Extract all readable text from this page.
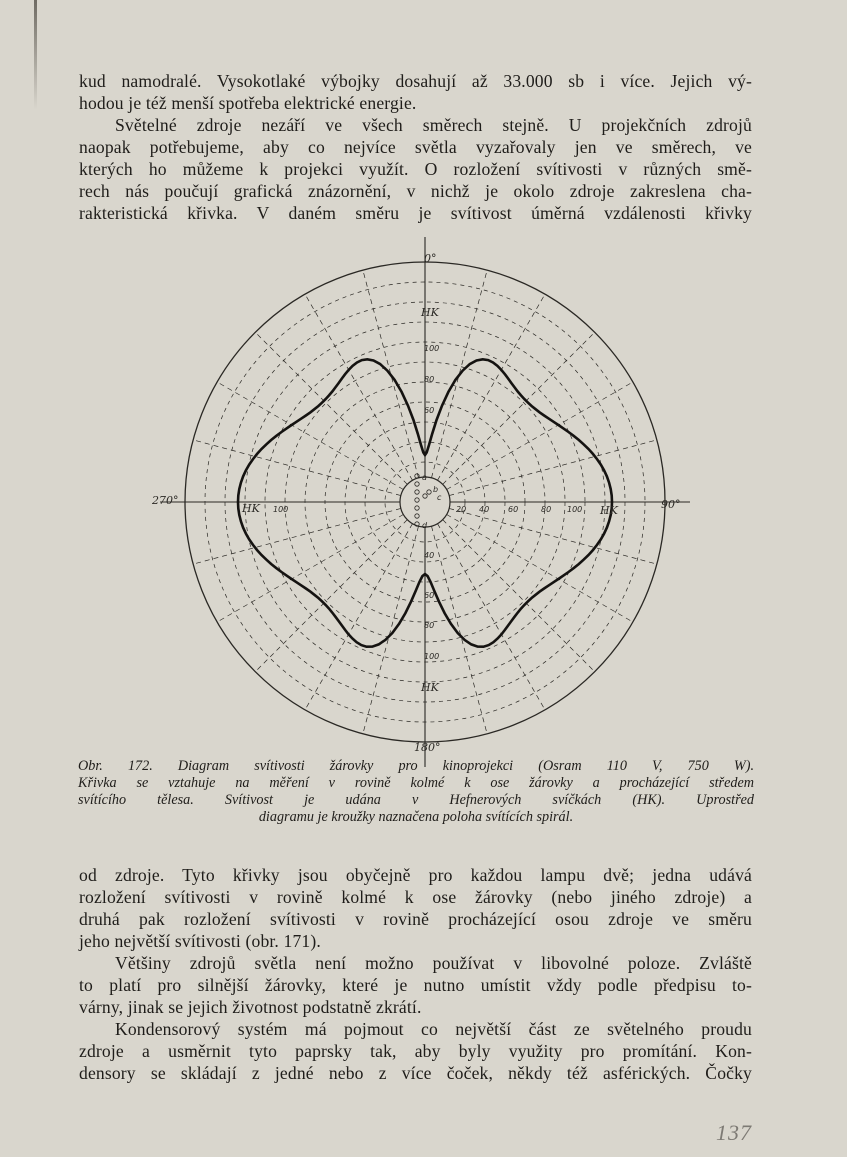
kud namodralé. Vysokotlaké výbojky dosahují až 33.000 sb i více. Jejich vý-
hodou je též menší spotřeba elektrické energie.

Světelné zdroje nezáří ve všech směrech stejně. U projekčních zdrojů
naopak potřebujeme, aby co nejvíce světla vyzařovaly jen ve směrech, ve
kterých ho můžeme k projekci využít. O rozložení svítivosti v různých smě-
rech nás poučují grafická znázornění, v nichž je okolo zdroje zakreslena cha-
rakteristická křivka. V daném směru je svítivost úměrná vzdálenosti křivky

0°
90°
180°
270°
HK
HK
HK	HK
20 40 60	80 100
100
100
80
60
40
60
80
100
a
b
c
d
Obr. 172. Diagram svítivosti žárovky pro kinoprojekci (Osram 110 V, 750 W).
Křivka se vztahuje na měření v rovině kolmé k ose žárovky a procházející středem
svítícího tělesa. Svítivost je udána v Hefnerových svíčkách (HK). Uprostřed
diagramu je kroužky naznačena poloha svítících spirál.

od zdroje. Tyto křivky jsou obyčejně pro každou lampu dvě; jedna udává
rozložení svítivosti v rovině kolmé k ose žárovky (nebo jiného zdroje) a
druhá pak rozložení svítivosti v rovině procházející osou zdroje ve směru
jeho největší svítivosti (obr. 171).

Většiny zdrojů světla není možno používat v libovolné poloze. Zvláště
to platí pro silnější žárovky, které je nutno umístit vždy podle předpisu to-
várny, jinak se jejich životnost podstatně zkrátí.

Kondensorový systém má pojmout co největší část ze světelného proudu
zdroje a usměrnit tyto paprsky tak, aby byly využity pro promítání. Kon-
densory se skládají z jedné nebo z více čoček, někdy též asférických. Čočky

137
